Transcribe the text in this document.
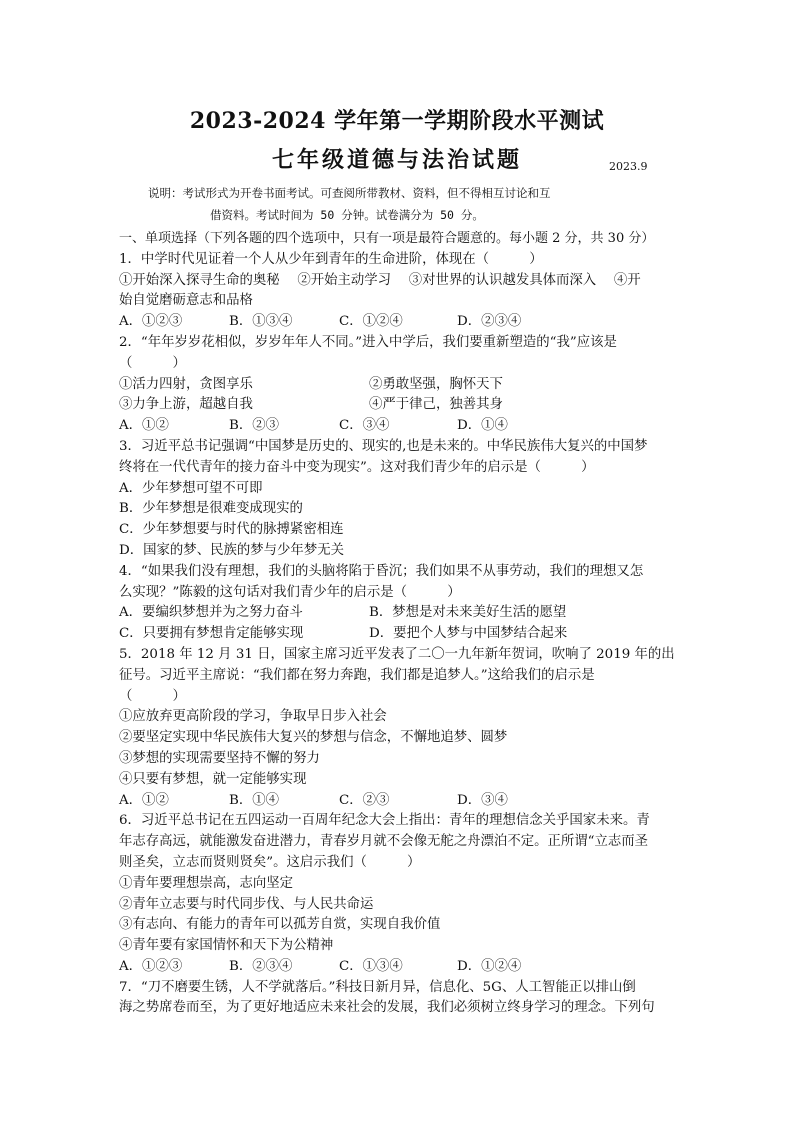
2023-2024 学年第一学期阶段水平测试
七年级道德与法治试题	2023.9
说明：考试形式为开卷书面考试。可查阅所带教材、资料，但不得相互讨论和互
借资料。考试时间为 50 分钟。试卷满分为 50 分。
一、单项选择（下列各题的四个选项中，只有一项是最符合题意的。每小题 2 分，共 30 分）
1．中学时代见证着一个人从少年到青年的生命进阶，体现在（　　　）
①开始深入探寻生命的奥秘　 ②开始主动学习　 ③对世界的认识越发具体而深入　 ④开
始自觉磨砺意志和品格
A．①②③	B．①③④	C．①②④	D．②③④
2．“年年岁岁花相似，岁岁年年人不同。”进入中学后，我们要重新塑造的“我”应该是
（　　　）
①活力四射，贪图享乐	②勇敢坚强，胸怀天下
③力争上游，超越自我	④严于律己，独善其身
A．①②	B．②③	C．③④	D．①④
3．习近平总书记强调“中国梦是历史的、现实的,也是未来的。中华民族伟大复兴的中国梦
终将在一代代青年的接力奋斗中变为现实”。这对我们青少年的启示是（　　　）
A．少年梦想可望不可即
B．少年梦想是很难变成现实的
C．少年梦想要与时代的脉搏紧密相连
D．国家的梦、民族的梦与少年梦无关
4．“如果我们没有理想，我们的头脑将陷于昏沉；我们如果不从事劳动，我们的理想又怎
么实现？”陈毅的这句话对我们青少年的启示是（　　　）
A．要编织梦想并为之努力奋斗	B．梦想是对未来美好生活的愿望
C．只要拥有梦想肯定能够实现	D．要把个人梦与中国梦结合起来
5．2018 年 12 月 31 日，国家主席习近平发表了二〇一九年新年贺词，吹响了 2019 年的出
征号。习近平主席说：“我们都在努力奔跑，我们都是追梦人。”这给我们的启示是
（　　　）
①应放弃更高阶段的学习，争取早日步入社会
②要坚定实现中华民族伟大复兴的梦想与信念，不懈地追梦、圆梦
③梦想的实现需要坚持不懈的努力
④只要有梦想，就一定能够实现
A．①②	B．①④	C．②③	D．③④
6．习近平总书记在五四运动一百周年纪念大会上指出：青年的理想信念关乎国家未来。青
年志存高远，就能激发奋进潜力，青春岁月就不会像无舵之舟漂泊不定。正所谓“立志而圣
则圣矣，立志而贤则贤矣”。这启示我们（　　　）
①青年要理想崇高，志向坚定
②青年立志要与时代同步伐、与人民共命运
③有志向、有能力的青年可以孤芳自赏，实现自我价值
④青年要有家国情怀和天下为公精神
A．①②③	B．②③④	C．①③④	D．①②④
7．“刀不磨要生锈，人不学就落后。”科技日新月异，信息化、5G、人工智能正以排山倒
海之势席卷而至，为了更好地适应未来社会的发展，我们必须树立终身学习的理念。下列句
